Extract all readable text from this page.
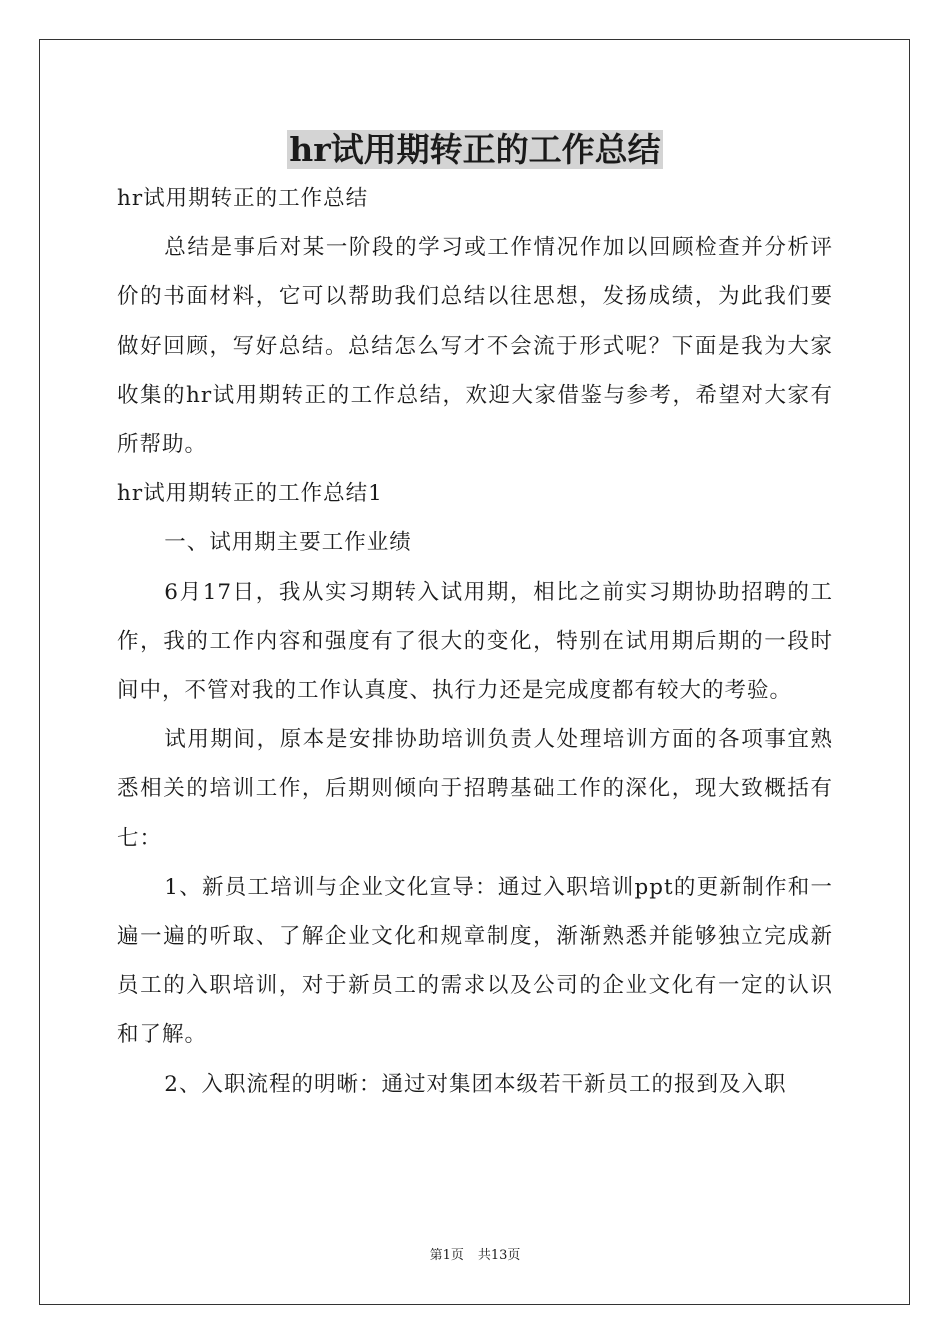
hr试用期转正的工作总结

hr试用期转正的工作总结

总结是事后对某一阶段的学习或工作情况作加以回顾检查并分析评价的书面材料，它可以帮助我们总结以往思想，发扬成绩，为此我们要做好回顾，写好总结。总结怎么写才不会流于形式呢？下面是我为大家收集的hr试用期转正的工作总结，欢迎大家借鉴与参考，希望对大家有所帮助。

hr试用期转正的工作总结1

一、试用期主要工作业绩

6月17日，我从实习期转入试用期，相比之前实习期协助招聘的工作，我的工作内容和强度有了很大的变化，特别在试用期后期的一段时间中，不管对我的工作认真度、执行力还是完成度都有较大的考验。

试用期间，原本是安排协助培训负责人处理培训方面的各项事宜熟悉相关的培训工作，后期则倾向于招聘基础工作的深化，现大致概括有七：

1、新员工培训与企业文化宣导：通过入职培训ppt的更新制作和一遍一遍的听取、了解企业文化和规章制度，渐渐熟悉并能够独立完成新员工的入职培训，对于新员工的需求以及公司的企业文化有一定的认识和了解。

2、入职流程的明晰：通过对集团本级若干新员工的报到及入职

第1页 共13页
